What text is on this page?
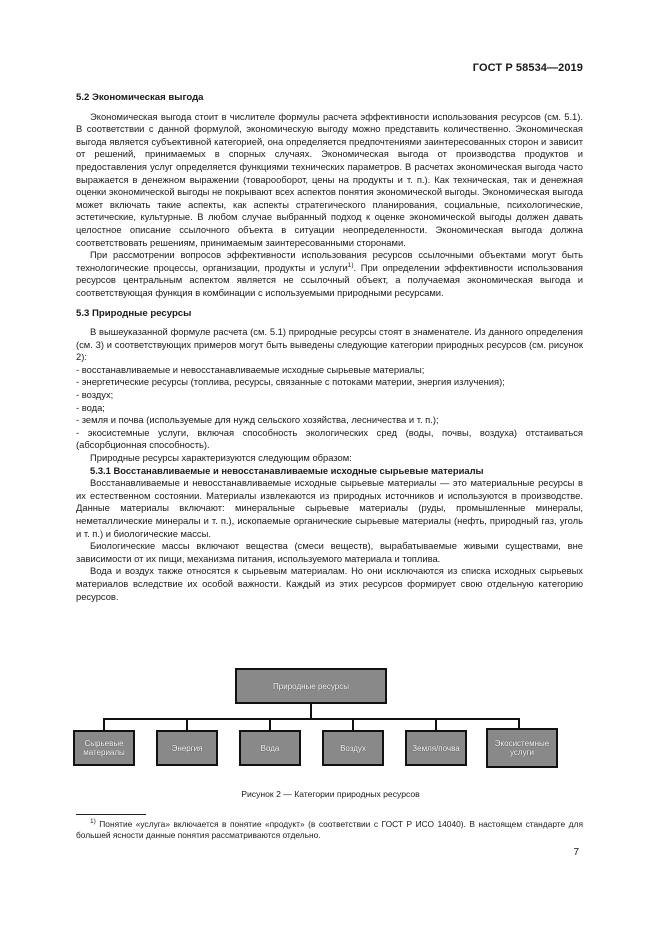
ГОСТ Р 58534—2019

5.2 Экономическая выгода

Экономическая выгода стоит в числителе формулы расчета эффективности использования ресурсов (см. 5.1). В соответствии с данной формулой, экономическую выгоду можно представить количественно. Экономическая выгода является субъективной категорией, она определяется предпочтениями заинтересованных сторон и зависит от решений, принимаемых в спорных случаях. Экономическая выгода от производства продуктов и предоставления услуг определяется функциями технических параметров. В расчетах экономическая выгода часто выражается в денежном выражении (товарооборот, цены на продукты и т. п.). Как техническая, так и денежная оценки экономической выгоды не покрывают всех аспектов понятия экономической выгоды. Экономическая выгода может включать такие аспекты, как аспекты стратегического планирования, социальные, психологические, эстетические, культурные. В любом случае выбранный подход к оценке экономической выгоды должен давать целостное описание ссылочного объекта в ситуации неопределенности. Экономическая выгода должна соответствовать решениям, принимаемым заинтересованными сторонами.

При рассмотрении вопросов эффективности использования ресурсов ссылочными объектами могут быть технологические процессы, организации, продукты и услуги$^{1)}$. При определении эффективности использования ресурсов центральным аспектом является не ссылочный объект, а получаемая экономическая выгода и соответствующая функция в комбинации с используемыми природными ресурсами.

5.3 Природные ресурсы

В вышеуказанной формуле расчета (см. 5.1) природные ресурсы стоят в знаменателе. Из данного определения (см. 3) и соответствующих примеров могут быть выведены следующие категории природных ресурсов (см. рисунок 2):

- восстанавливаемые и невосстанавливаемые исходные сырьевые материалы;

- энергетические ресурсы (топлива, ресурсы, связанные с потоками материи, энергия излучения);

- воздух;

- вода;

- земля и почва (используемые для нужд сельского хозяйства, лесничества и т. п.);

- экосистемные услуги, включая способность экологических сред (воды, почвы, воздуха) отстаиваться (абсорбционная способность).

Природные ресурсы характеризуются следующим образом:

5.3.1 Восстанавливаемые и невосстанавливаемые исходные сырьевые материалы

Восстанавливаемые и невосстанавливаемые исходные сырьевые материалы — это материальные ресурсы в их естественном состоянии. Материалы извлекаются из природных источников и используются в производстве. Данные материалы включают: минеральные сырьевые материалы (руды, промышленные минералы, неметаллические минералы и т. п.), ископаемые органические сырьевые материалы (нефть, природный газ, уголь и т. п.) и биологические массы.

Биологические массы включают вещества (смеси веществ), вырабатываемые живыми существами, вне зависимости от их пищи, механизма питания, используемого материала и топлива.

Вода и воздух также относятся к сырьевым материалам. Но они исключаются из списка исходных сырьевых материалов вследствие их особой важности. Каждый из этих ресурсов формирует свою отдельную категорию ресурсов.

Природные ресурсы
Сырьевые материалы	Энергия	Вода	Воздух	Земля/почва	Экосистемные услуги
Рисунок 2 — Категории природных ресурсов
$^{1)}$ Понятие «услуга» включается в понятие «продукт» (в соответствии с ГОСТ Р ИСО 14040). В настоящем стандарте для большей ясности данные понятия рассматриваются отдельно.
7
